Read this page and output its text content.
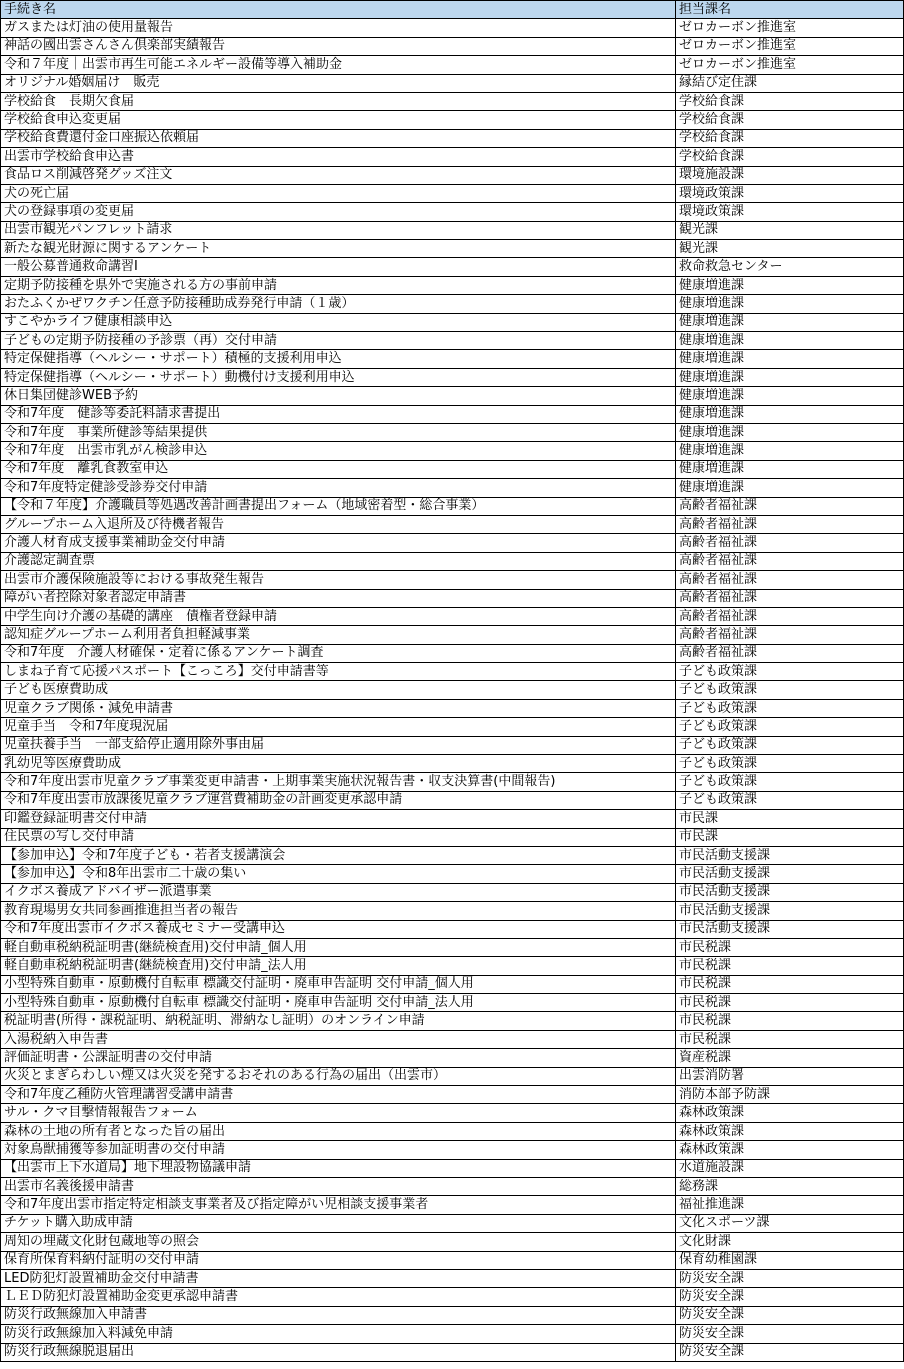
手続き名	担当課名
ガスまたは灯油の使用量報告	ゼロカーボン推進室
神話の國出雲さんさん倶楽部実績報告	ゼロカーボン推進室
令和７年度｜出雲市再生可能エネルギー設備等導入補助金	ゼロカーボン推進室
オリジナル婚姻届け　販売	縁結び定住課
学校給食　長期欠食届	学校給食課
学校給食申込変更届	学校給食課
学校給食費還付金口座振込依頼届	学校給食課
出雲市学校給食申込書	学校給食課
食品ロス削減啓発グッズ注文	環境施設課
犬の死亡届	環境政策課
犬の登録事項の変更届	環境政策課
出雲市観光パンフレット請求	観光課
新たな観光財源に関するアンケート	観光課
一般公募普通救命講習Ⅰ	救命救急センター
定期予防接種を県外で実施される方の事前申請	健康増進課
おたふくかぜワクチン任意予防接種助成券発行申請（１歳）	健康増進課
すこやかライフ健康相談申込	健康増進課
子どもの定期予防接種の予診票（再）交付申請	健康増進課
特定保健指導（ヘルシー・サポート）積極的支援利用申込	健康増進課
特定保健指導（ヘルシー・サポート）動機付け支援利用申込	健康増進課
休日集団健診WEB予約	健康増進課
令和7年度　健診等委託料請求書提出	健康増進課
令和7年度　事業所健診等結果提供	健康増進課
令和7年度　出雲市乳がん検診申込	健康増進課
令和7年度　離乳食教室申込	健康増進課
令和7年度特定健診受診券交付申請	健康増進課
【令和７年度】介護職員等処遇改善計画書提出フォーム（地域密着型・総合事業）	高齢者福祉課
グループホーム入退所及び待機者報告	高齢者福祉課
介護人材育成支援事業補助金交付申請	高齢者福祉課
介護認定調査票	高齢者福祉課
出雲市介護保険施設等における事故発生報告	高齢者福祉課
障がい者控除対象者認定申請書	高齢者福祉課
中学生向け介護の基礎的講座　債権者登録申請	高齢者福祉課
認知症グループホーム利用者負担軽減事業	高齢者福祉課
令和7年度　介護人材確保・定着に係るアンケート調査	高齢者福祉課
しまね子育て応援パスポート【こっころ】交付申請書等	子ども政策課
子ども医療費助成	子ども政策課
児童クラブ関係・減免申請書	子ども政策課
児童手当　令和7年度現況届	子ども政策課
児童扶養手当　一部支給停止適用除外事由届	子ども政策課
乳幼児等医療費助成	子ども政策課
令和7年度出雲市児童クラブ事業変更申請書・上期事業実施状況報告書・収支決算書(中間報告)	子ども政策課
令和7年度出雲市放課後児童クラブ運営費補助金の計画変更承認申請	子ども政策課
印鑑登録証明書交付申請	市民課
住民票の写し交付申請	市民課
【参加申込】令和7年度子ども・若者支援講演会	市民活動支援課
【参加申込】令和8年出雲市二十歳の集い	市民活動支援課
イクボス養成アドバイザー派遣事業	市民活動支援課
教育現場男女共同参画推進担当者の報告	市民活動支援課
令和7年度出雲市イクボス養成セミナー受講申込	市民活動支援課
軽自動車税納税証明書(継続検査用)交付申請_個人用	市民税課
軽自動車税納税証明書(継続検査用)交付申請_法人用	市民税課
小型特殊自動車・原動機付自転車 標識交付証明・廃車申告証明 交付申請_個人用	市民税課
小型特殊自動車・原動機付自転車 標識交付証明・廃車申告証明 交付申請_法人用	市民税課
税証明書(所得・課税証明、納税証明、滞納なし証明）のオンライン申請	市民税課
入湯税納入申告書	市民税課
評価証明書・公課証明書の交付申請	資産税課
火災とまぎらわしい煙又は火災を発するおそれのある行為の届出（出雲市）	出雲消防署
令和7年度乙種防火管理講習受講申請書	消防本部予防課
サル・クマ目撃情報報告フォーム	森林政策課
森林の土地の所有者となった旨の届出	森林政策課
対象鳥獣捕獲等参加証明書の交付申請	森林政策課
【出雲市上下水道局】地下埋設物協議申請	水道施設課
出雲市名義後援申請書	総務課
令和7年度出雲市指定特定相談支事業者及び指定障がい児相談支援事業者	福祉推進課
チケット購入助成申請	文化スポーツ課
周知の埋蔵文化財包蔵地等の照会	文化財課
保育所保育料納付証明の交付申請	保育幼稚園課
LED防犯灯設置補助金交付申請書	防災安全課
ＬＥＤ防犯灯設置補助金変更承認申請書	防災安全課
防災行政無線加入申請書	防災安全課
防災行政無線加入料減免申請	防災安全課
防災行政無線脱退届出	防災安全課
